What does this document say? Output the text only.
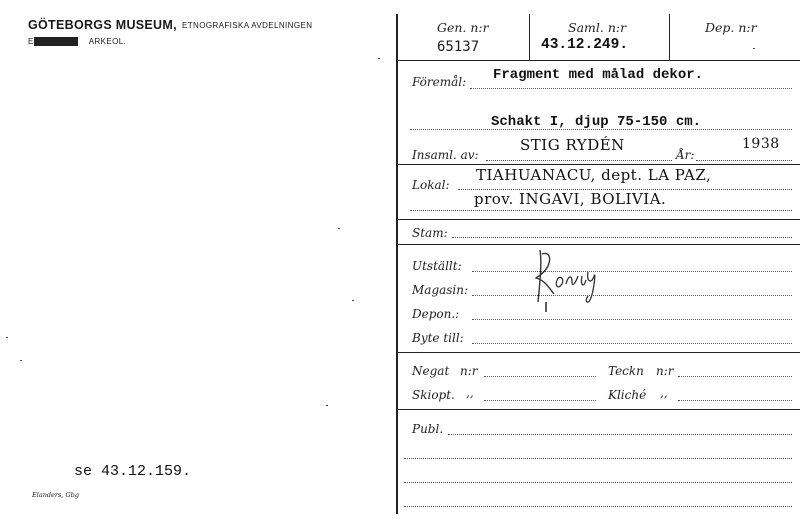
GÖTEBORGS MUSEUM, ETNOGRAFISKA AVDELNINGEN
ETNOGRAF ARKEOL.
se 43.12.159.
Elanders, Gbg
Gen. n:r
65137
Saml. n:r
43.12.249.
Dep. n:r
Föremål: Fragment med målad dekor.
Schakt I, djup 75-150 cm.
Insaml. av:
STIG RYDÉN
År:
1938
Lokal:
TIAHUANACU, dept. LA PAZ,
prov. INGAVI, BOLIVIA.
Stam:
Utställt:
Magasin:
Depon.:
Byte till:
Negat n:r	Teckn n:r
Skiopt. ,,	Kliché ,,
Publ.
